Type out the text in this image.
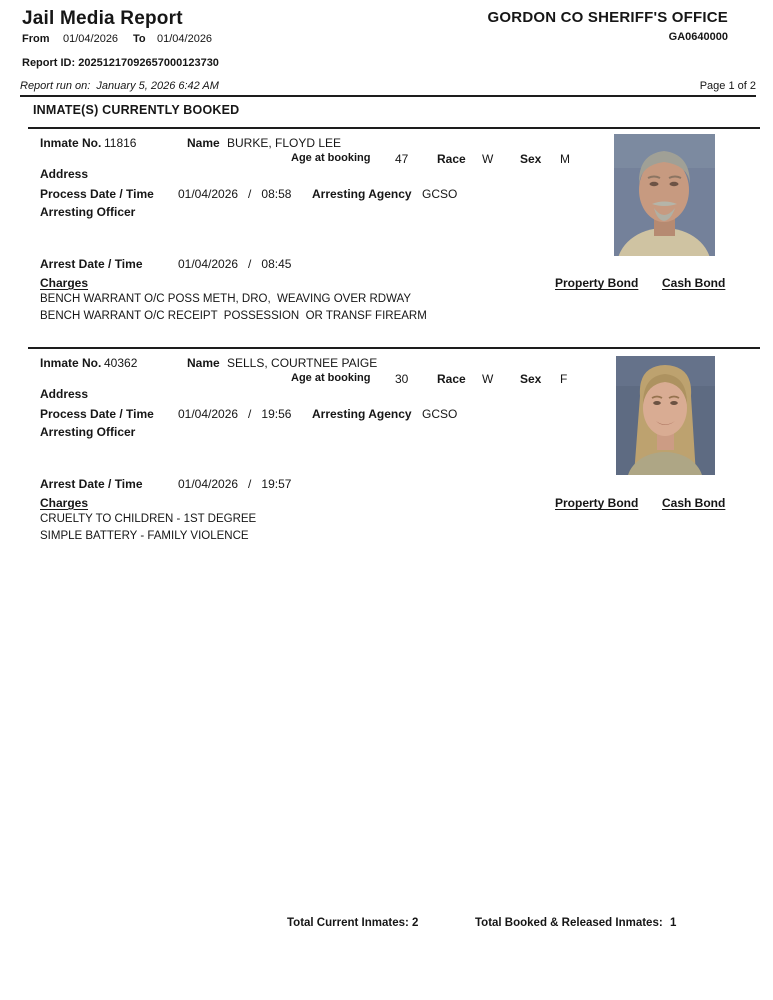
Jail Media Report
From 01/04/2026 To 01/04/2026
GORDON CO SHERIFF'S OFFICE
GA0640000
Report ID: 20251217092657000123730
Report run on:  January 5, 2026 6:42 AM	Page 1 of 2
INMATE(S) CURRENTLY BOOKED
Inmate No. 11816	Name BURKE, FLOYD LEE
Age at booking 47 Race W Sex M
Address
Process Date / Time 01/04/2026   /   08:58 Arresting Agency GCSO
Arresting Officer
Arrest Date / Time	01/04/2026   /   08:45
Charges	Property Bond Cash Bond
BENCH WARRANT O/C POSS METH, DRO,  WEAVING OVER RDWAY
BENCH WARRANT O/C RECEIPT  POSSESSION  OR TRANSF FIREARM
Inmate No. 40362	Name SELLS, COURTNEE PAIGE
Age at booking 30 Race W Sex F
Address
Process Date / Time 01/04/2026   /   19:56 Arresting Agency GCSO
Arresting Officer
Arrest Date / Time	01/04/2026   /   19:57
Charges	Property Bond Cash Bond
CRUELTY TO CHILDREN - 1ST DEGREE
SIMPLE BATTERY - FAMILY VIOLENCE
Total Current Inmates: 2	Total Booked & Released Inmates: 1
